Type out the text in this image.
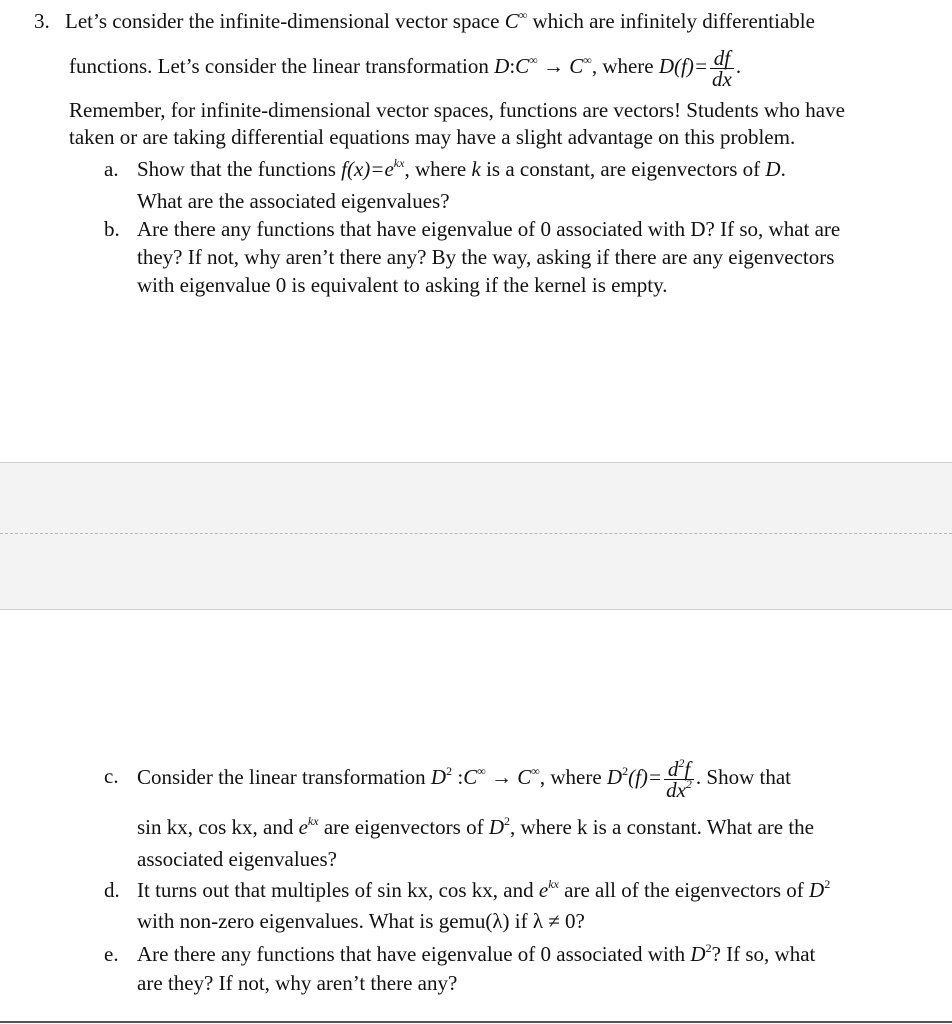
3. Let’s consider the infinite-dimensional vector space C∞ which are infinitely differentiable
functions. Let’s consider the linear transformation D:C∞ → C∞, where $D(f)= \frac{df}{dx}$ .
Remember, for infinite-dimensional vector spaces, functions are vectors! Students who have
taken or are taking differential equations may have a slight advantage on this problem.
a. Show that the functions $f(x)=e^{kx}$, where k is a constant, are eigenvectors of D.
What are the associated eigenvalues?
b. Are there any functions that have eigenvalue of 0 associated with D? If so, what are
they? If not, why aren’t there any? By the way, asking if there are any eigenvectors
with eigenvalue 0 is equivalent to asking if the kernel is empty.
c. Consider the linear transformation $D^2$ :C∞ → C∞, where $D^2(f)= \frac{d^2f}{dx^2}$ . Show that
sin kx, cos kx, and $e^{kx}$ are eigenvectors of $D^2$, where k is a constant. What are the
associated eigenvalues?
d. It turns out that multiples of sin kx, cos kx, and $e^{kx}$ are all of the eigenvectors of $D^2$
with non-zero eigenvalues. What is gemu(λ) if λ ≠ 0?
e. Are there any functions that have eigenvalue of 0 associated with $D^2$? If so, what
are they? If not, why aren’t there any?
